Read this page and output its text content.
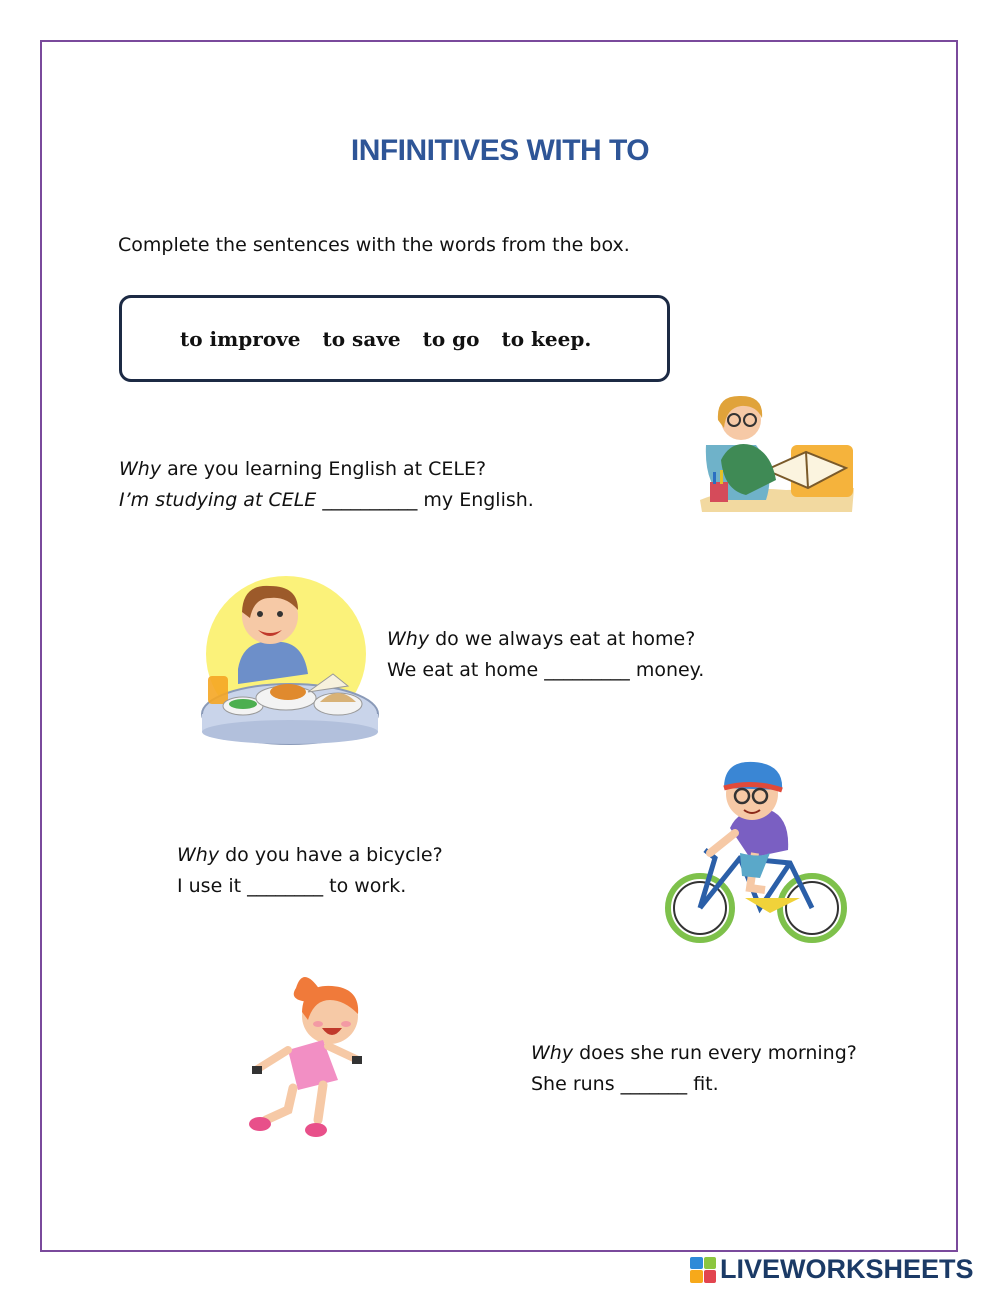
INFINITIVES WITH TO
Complete the sentences with the words from the box.
to improve to save to go to keep.
Why are you learning English at CELE?
I’m studying at CELE __________ my English.
Why do we always eat at home?
We eat at home _________ money.
Why do you have a bicycle?
I use it ________ to work.
Why does she run every morning?
She runs _______ fit.
LIVEWORKSHEETS
